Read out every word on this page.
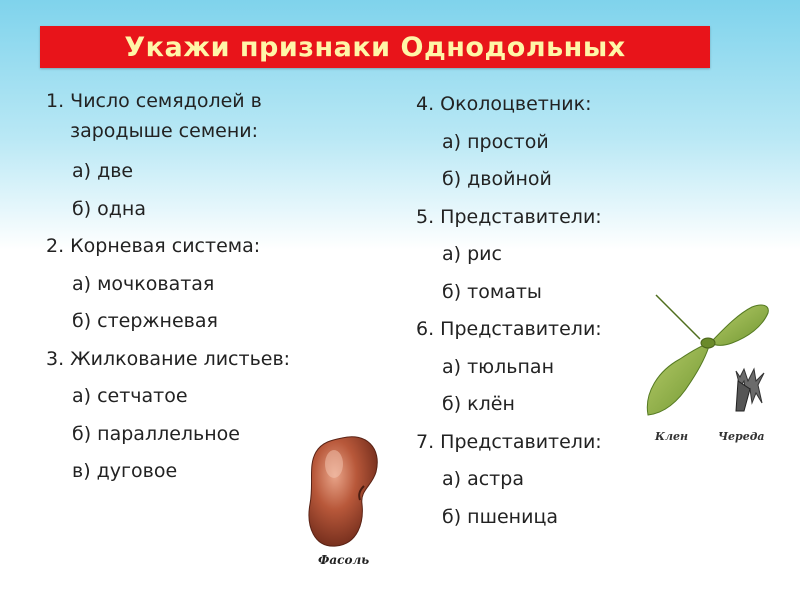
Укажи признаки Однодольных
1. Число семядолей в
зародыше семени:
а) две
б) одна
2. Корневая система:
а) мочковатая
б) стержневая
3. Жилкование листьев:
а) сетчатое
б) параллельное
в) дуговое
4. Околоцветник:
а) простой
б) двойной
5. Представители:
а) рис
б) томаты
6. Представители:
а) тюльпан
б) клён
7. Представители:
а) астра
б) пшеница
Фасоль
Клен	Череда
